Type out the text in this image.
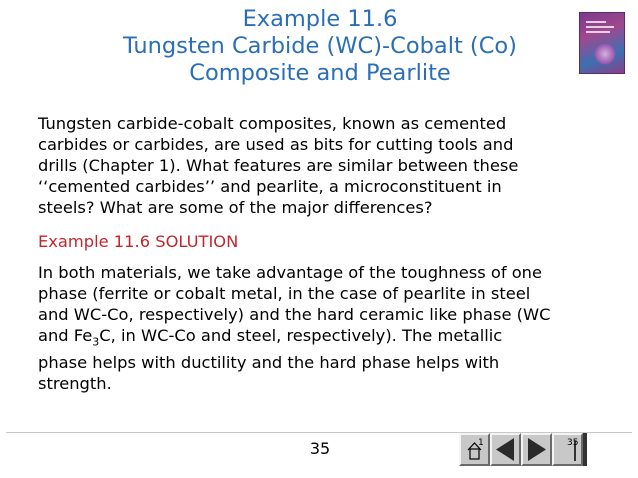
Example 11.6
Tungsten Carbide (WC)-Cobalt (Co)
Composite and Pearlite
Tungsten carbide-cobalt composites, known as cemented
carbides or carbides, are used as bits for cutting tools and
drills (Chapter 1). What features are similar between these
‘‘cemented carbides’’ and pearlite, a microconstituent in
steels? What are some of the major differences?
Example 11.6 SOLUTION
In both materials, we take advantage of the toughness of one
phase (ferrite or cobalt metal, in the case of pearlite in steel
and WC-Co, respectively) and the hard ceramic like phase (WC
and $Fe_3C$, in WC-Co and steel, respectively). The metallic
phase helps with ductility and the hard phase helps with
strength.
35	1	35
